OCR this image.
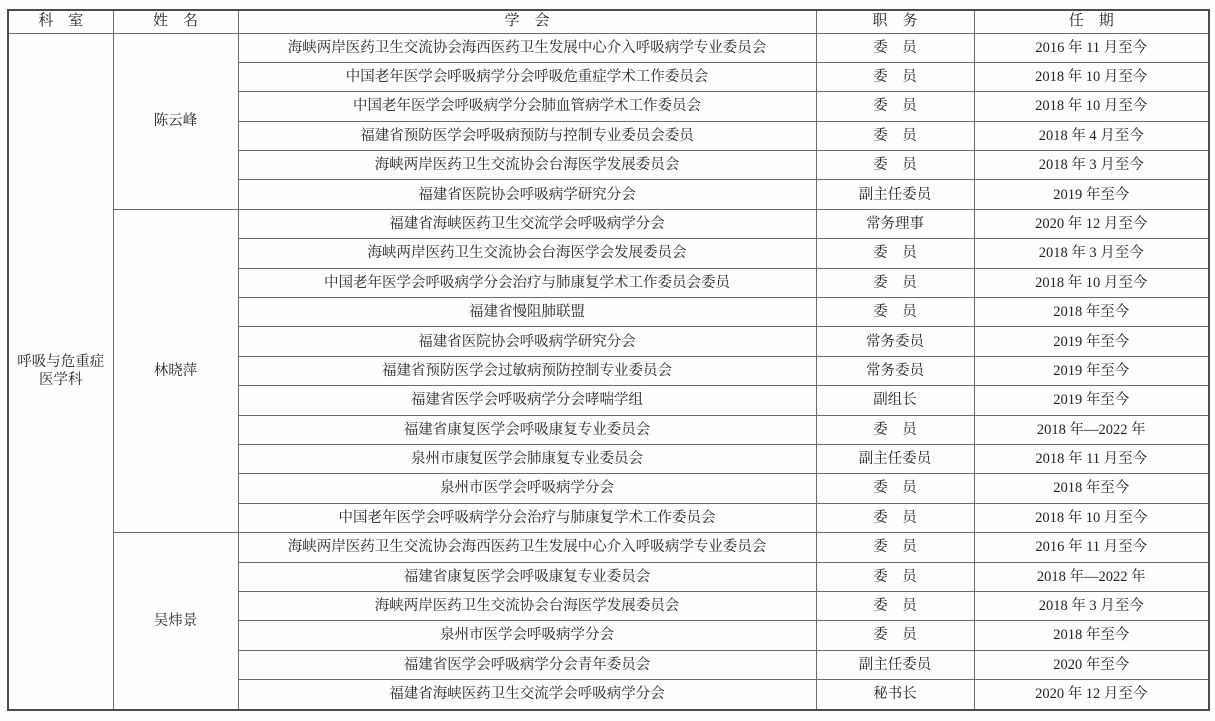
科　室	姓　名	学　会	职　务	任　期
呼吸与危重症医学科	陈云峰	海峡两岸医药卫生交流协会海西医药卫生发展中心介入呼吸病学专业委员会	委　员	2016 年 11 月至今
		中国老年医学会呼吸病学分会呼吸危重症学术工作委员会	委　员	2018 年 10 月至今
		中国老年医学会呼吸病学分会肺血管病学术工作委员会	委　员	2018 年 10 月至今
		福建省预防医学会呼吸病预防与控制专业委员会委员	委　员	2018 年 4 月至今
		海峡两岸医药卫生交流协会台海医学发展委员会	委　员	2018 年 3 月至今
		福建省医院协会呼吸病学研究分会	副主任委员	2019 年至今
	林晓萍	福建省海峡医药卫生交流学会呼吸病学分会	常务理事	2020 年 12 月至今
		海峡两岸医药卫生交流协会台海医学会发展委员会	委　员	2018 年 3 月至今
		中国老年医学会呼吸病学分会治疗与肺康复学术工作委员会委员	委　员	2018 年 10 月至今
		福建省慢阻肺联盟	委　员	2018 年至今
		福建省医院协会呼吸病学研究分会	常务委员	2019 年至今
		福建省预防医学会过敏病预防控制专业委员会	常务委员	2019 年至今
		福建省医学会呼吸病学分会哮喘学组	副组长	2019 年至今
		福建省康复医学会呼吸康复专业委员会	委　员	2018 年—2022 年
		泉州市康复医学会肺康复专业委员会	副主任委员	2018 年 11 月至今
		泉州市医学会呼吸病学分会	委　员	2018 年至今
		中国老年医学会呼吸病学分会治疗与肺康复学术工作委员会	委　员	2018 年 10 月至今
	吴炜景	海峡两岸医药卫生交流协会海西医药卫生发展中心介入呼吸病学专业委员会	委　员	2016 年 11 月至今
		福建省康复医学会呼吸康复专业委员会	委　员	2018 年—2022 年
		海峡两岸医药卫生交流协会台海医学发展委员会	委　员	2018 年 3 月至今
		泉州市医学会呼吸病学分会	委　员	2018 年至今
		福建省医学会呼吸病学分会青年委员会	副主任委员	2020 年至今
		福建省海峡医药卫生交流学会呼吸病学分会	秘书长	2020 年 12 月至今
